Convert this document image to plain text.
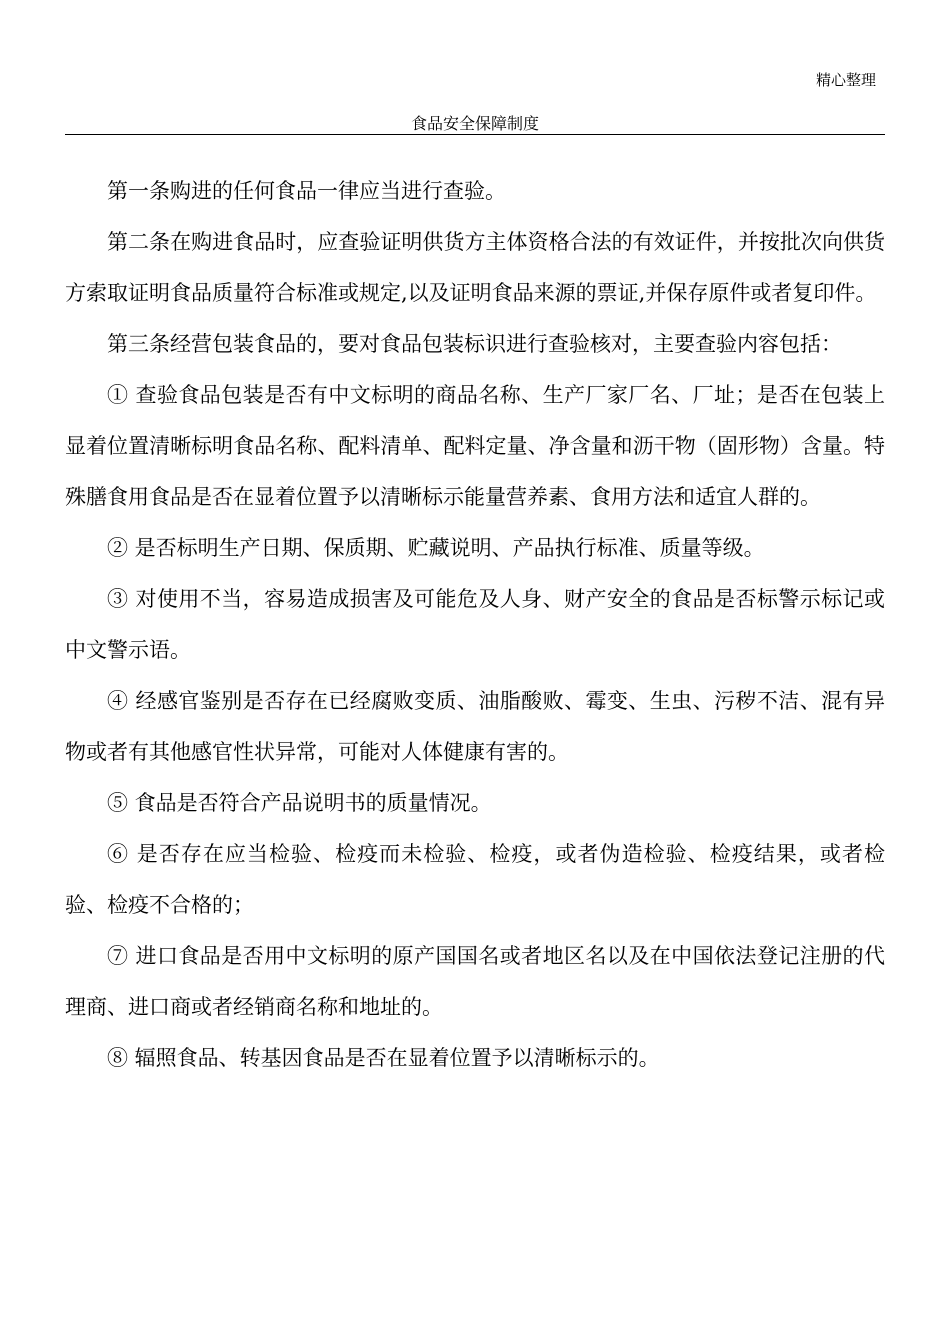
精心整理
食品安全保障制度

第一条购进的任何食品一律应当进行查验。

第二条在购进食品时，应查验证明供货方主体资格合法的有效证件，并按批次向供货方索取证明食品质量符合标准或规定,以及证明食品来源的票证,并保存原件或者复印件。

第三条经营包装食品的，要对食品包装标识进行查验核对，主要查验内容包括：

① 查验食品包装是否有中文标明的商品名称、生产厂家厂名、厂址；是否在包装上显着位置清晰标明食品名称、配料清单、配料定量、净含量和沥干物（固形物）含量。特殊膳食用食品是否在显着位置予以清晰标示能量营养素、食用方法和适宜人群的。

② 是否标明生产日期、保质期、贮藏说明、产品执行标准、质量等级。

③ 对使用不当，容易造成损害及可能危及人身、财产安全的食品是否标警示标记或中文警示语。

④ 经感官鉴别是否存在已经腐败变质、油脂酸败、霉变、生虫、污秽不洁、混有异物或者有其他感官性状异常，可能对人体健康有害的。

⑤ 食品是否符合产品说明书的质量情况。

⑥ 是否存在应当检验、检疫而未检验、检疫，或者伪造检验、检疫结果，或者检验、检疫不合格的；

⑦ 进口食品是否用中文标明的原产国国名或者地区名以及在中国依法登记注册的代理商、进口商或者经销商名称和地址的。

⑧ 辐照食品、转基因食品是否在显着位置予以清晰标示的。
